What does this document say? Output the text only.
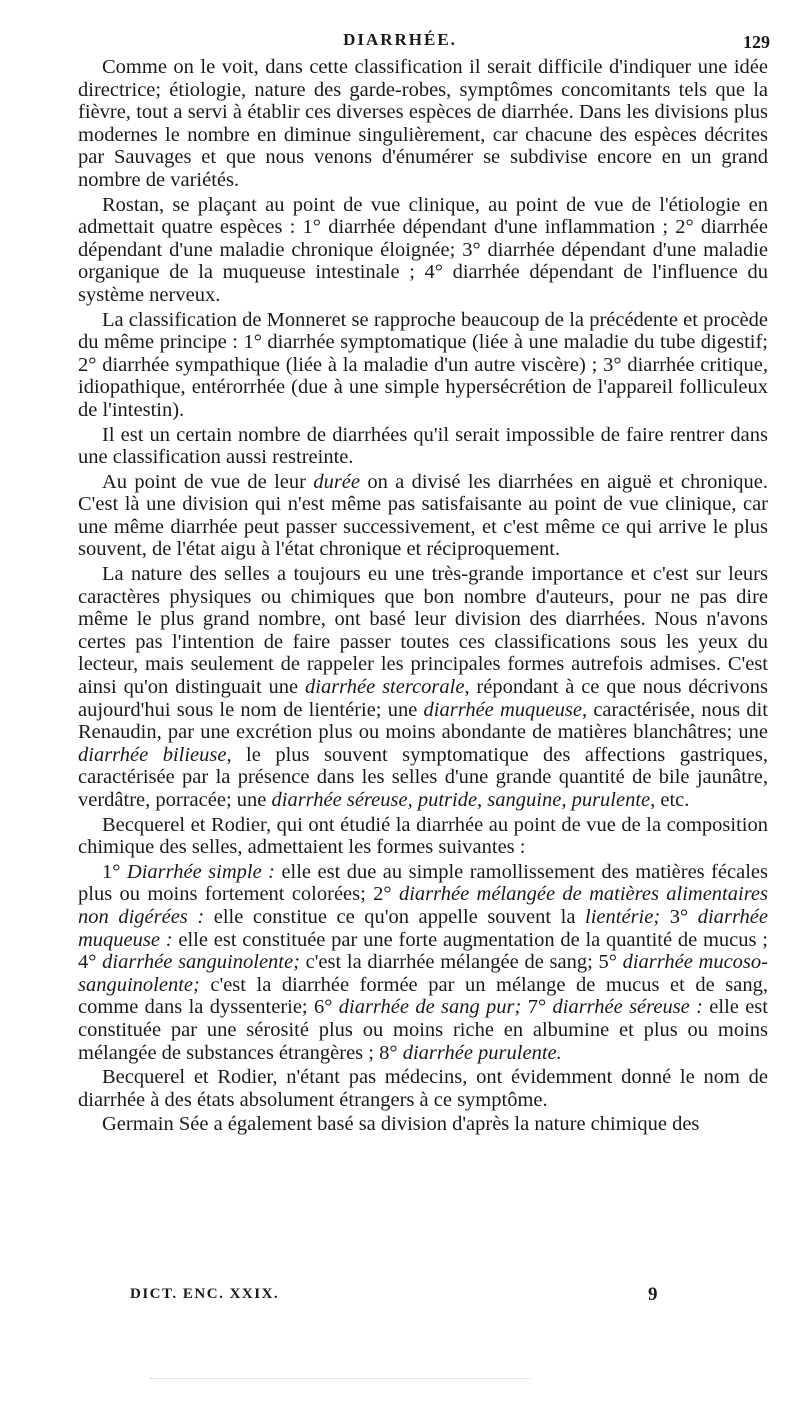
DIARRHÉE.	129

Comme on le voit, dans cette classification il serait difficile d'indiquer une idée directrice; étiologie, nature des garde-robes, symptômes concomitants tels que la fièvre, tout a servi à établir ces diverses espèces de diarrhée. Dans les divisions plus modernes le nombre en diminue singulièrement, car chacune des espèces décrites par Sauvages et que nous venons d'énumérer se subdivise encore en un grand nombre de variétés.

Rostan, se plaçant au point de vue clinique, au point de vue de l'étiologie en admettait quatre espèces : 1° diarrhée dépendant d'une inflammation ; 2° diarrhée dépendant d'une maladie chronique éloignée; 3° diarrhée dépendant d'une maladie organique de la muqueuse intestinale ; 4° diarrhée dépendant de l'influence du système nerveux.

La classification de Monneret se rapproche beaucoup de la précédente et procède du même principe : 1° diarrhée symptomatique (liée à une maladie du tube digestif; 2° diarrhée sympathique (liée à la maladie d'un autre viscère) ; 3° diarrhée critique, idiopathique, entérorrhée (due à une simple hypersécrétion de l'appareil folliculeux de l'intestin).

Il est un certain nombre de diarrhées qu'il serait impossible de faire rentrer dans une classification aussi restreinte.

Au point de vue de leur durée on a divisé les diarrhées en aiguë et chronique. C'est là une division qui n'est même pas satisfaisante au point de vue clinique, car une même diarrhée peut passer successivement, et c'est même ce qui arrive le plus souvent, de l'état aigu à l'état chronique et réciproquement.

La nature des selles a toujours eu une très-grande importance et c'est sur leurs caractères physiques ou chimiques que bon nombre d'auteurs, pour ne pas dire même le plus grand nombre, ont basé leur division des diarrhées. Nous n'avons certes pas l'intention de faire passer toutes ces classifications sous les yeux du lecteur, mais seulement de rappeler les principales formes autrefois admises. C'est ainsi qu'on distinguait une diarrhée stercorale, répondant à ce que nous décrivons aujourd'hui sous le nom de lientérie; une diarrhée muqueuse, caractérisée, nous dit Renaudin, par une excrétion plus ou moins abondante de matières blanchâtres; une diarrhée bilieuse, le plus souvent symptomatique des affections gastriques, caractérisée par la présence dans les selles d'une grande quantité de bile jaunâtre, verdâtre, porracée; une diarrhée séreuse, putride, sanguine, purulente, etc.

Becquerel et Rodier, qui ont étudié la diarrhée au point de vue de la composition chimique des selles, admettaient les formes suivantes :

1° Diarrhée simple : elle est due au simple ramollissement des matières fécales plus ou moins fortement colorées; 2° diarrhée mélangée de matières alimentaires non digérées : elle constitue ce qu'on appelle souvent la lientérie; 3° diarrhée muqueuse : elle est constituée par une forte augmentation de la quantité de mucus ; 4° diarrhée sanguinolente; c'est la diarrhée mélangée de sang; 5° diarrhée mucoso-sanguinolente; c'est la diarrhée formée par un mélange de mucus et de sang, comme dans la dyssenterie; 6° diarrhée de sang pur; 7° diarrhée séreuse : elle est constituée par une sérosité plus ou moins riche en albumine et plus ou moins mélangée de substances étrangères ; 8° diarrhée purulente.

Becquerel et Rodier, n'étant pas médecins, ont évidemment donné le nom de diarrhée à des états absolument étrangers à ce symptôme.

Germain Sée a également basé sa division d'après la nature chimique des

DICT. ENC. XXIX.	9
